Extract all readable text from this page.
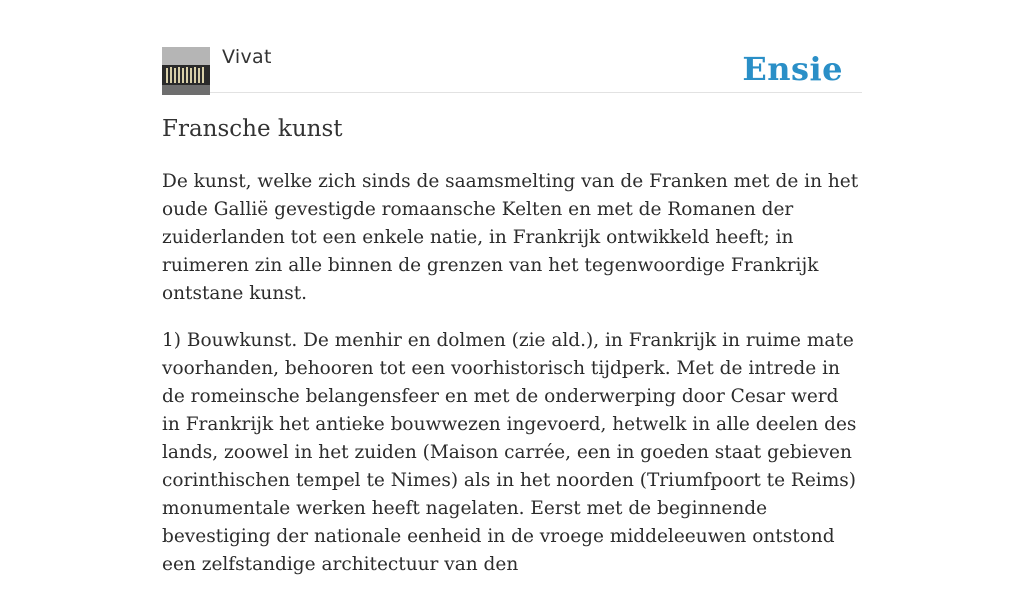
Vivat	Ensie
Fransche kunst

De kunst, welke zich sinds de saamsmelting van de Franken met de in het oude Gallië gevestigde romaansche Kelten en met de Romanen der zuiderlanden tot een enkele natie, in Frankrijk ontwikkeld heeft; in ruimeren zin alle binnen de grenzen van het tegenwoordige Frankrijk ontstane kunst.

1) Bouwkunst. De menhir en dolmen (zie ald.), in Frankrijk in ruime mate voorhanden, behooren tot een voorhistorisch tijdperk. Met de intrede in de romeinsche belangensfeer en met de onderwerping door Cesar werd in Frankrijk het antieke bouwwezen ingevoerd, hetwelk in alle deelen des lands, zoowel in het zuiden (Maison carrée, een in goeden staat gebieven corinthischen tempel te Nimes) als in het noorden (Triumfpoort te Reims) monumentale werken heeft nagelaten. Eerst met de beginnende bevestiging der nationale eenheid in de vroege middeleeuwen ontstond een zelfstandige architectuur van den
